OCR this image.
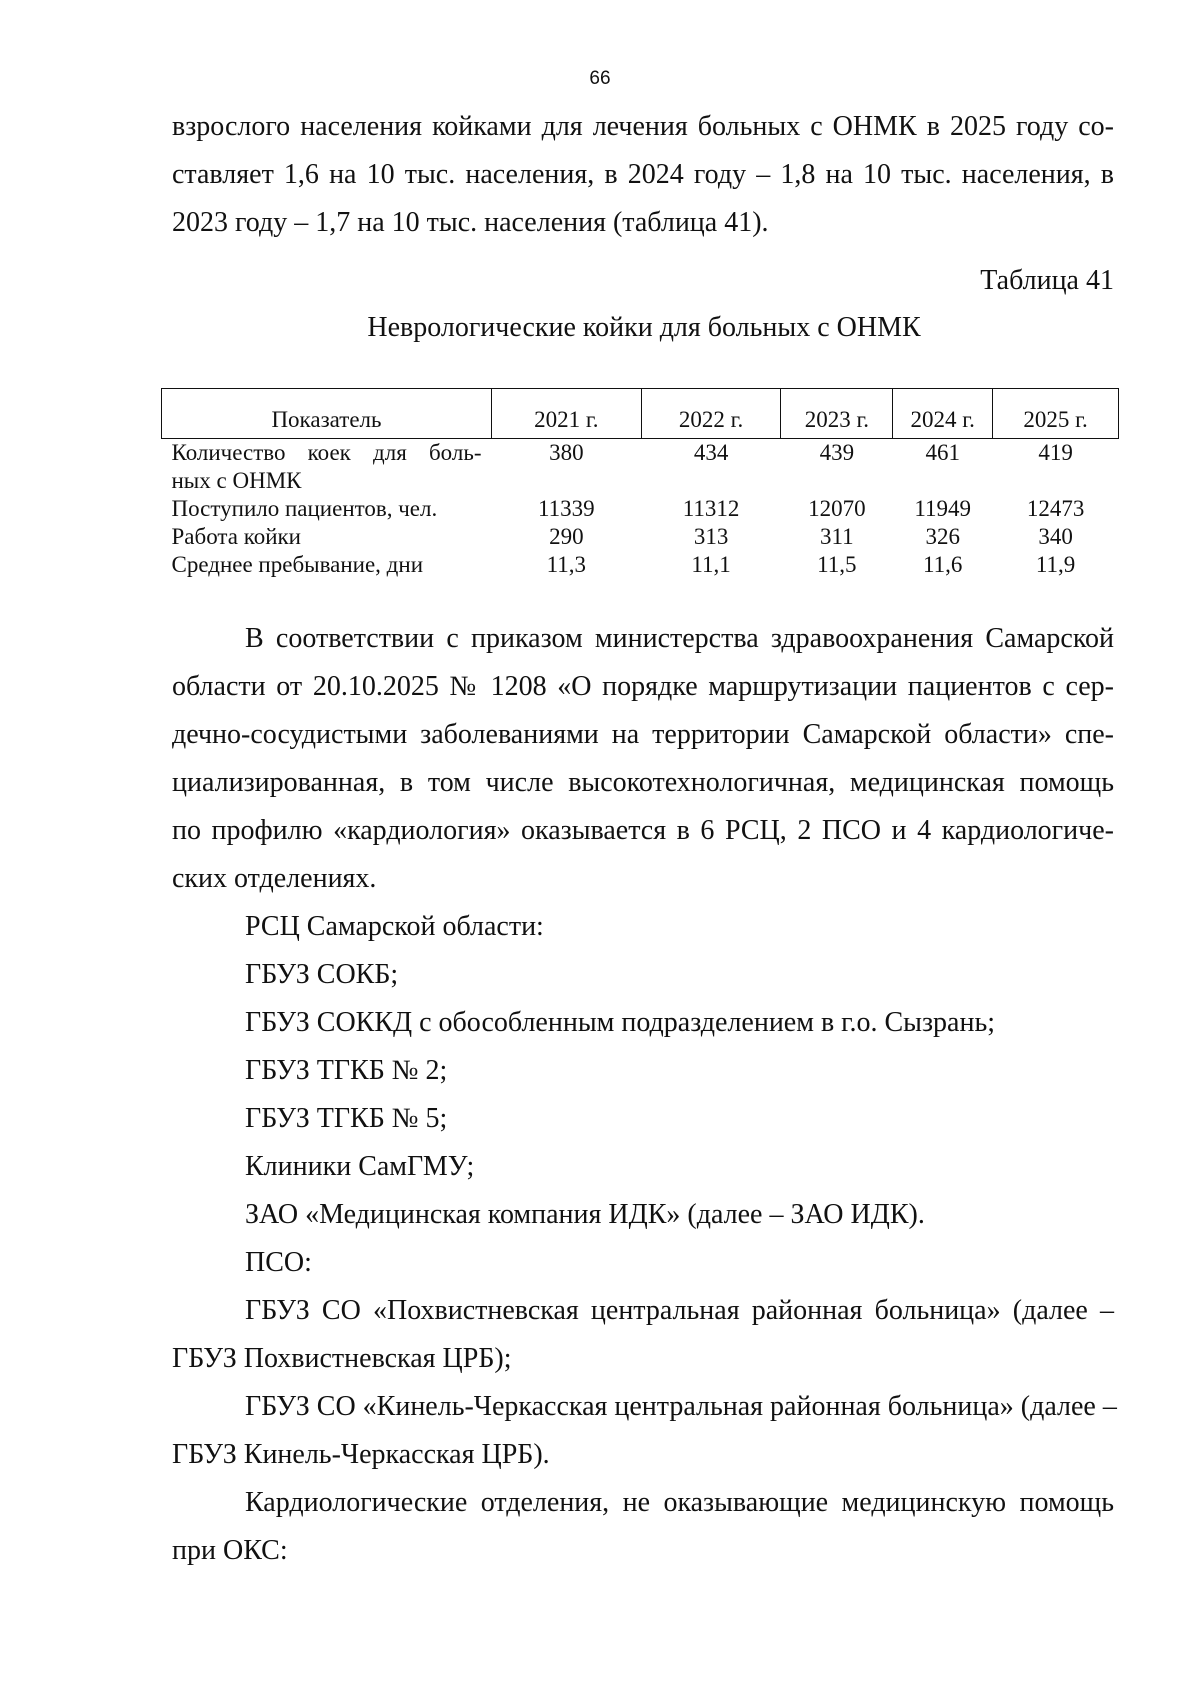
66

взрослого населения койками для лечения больных с ОНМК в 2025 году со-

ставляет 1,6 на 10 тыс. населения, в 2024 году – 1,8 на 10 тыс. населения, в

2023 году – 1,7 на 10 тыс. населения (таблица 41).

Таблица 41
Неврологические койки для больных с ОНМК
Показатель	2021 г.	2022 г.	2023 г.	2024 г.	2025 г.

Количество коек для боль-
ных с ОНМК	380	434	439	461	419
Поступило пациентов, чел.	11339	11312	12070	11949	12473
Работа койки	290	313	311	326	340
Среднее пребывание, дни	11,3	11,1	11,5	11,6	11,9

В соответствии с приказом министерства здравоохранения Самарской

области от 20.10.2025 № 1208 «О порядке маршрутизации пациентов с сер-

дечно-сосудистыми заболеваниями на территории Самарской области» спе-

циализированная, в том числе высокотехнологичная, медицинская помощь

по профилю «кардиология» оказывается в 6 РСЦ, 2 ПСО и 4 кардиологиче-

ских отделениях.

РСЦ Самарской области:

ГБУЗ СОКБ;

ГБУЗ СОККД с обособленным подразделением в г.о. Сызрань;

ГБУЗ ТГКБ № 2;

ГБУЗ ТГКБ № 5;

Клиники СамГМУ;

ЗАО «Медицинская компания ИДК» (далее – ЗАО ИДК).

ПСО:

ГБУЗ СО «Похвистневская центральная районная больница» (далее –

ГБУЗ Похвистневская ЦРБ);

ГБУЗ СО «Кинель-Черкасская центральная районная больница» (далее –

ГБУЗ Кинель-Черкасская ЦРБ).

Кардиологические отделения, не оказывающие медицинскую помощь

при ОКС:
